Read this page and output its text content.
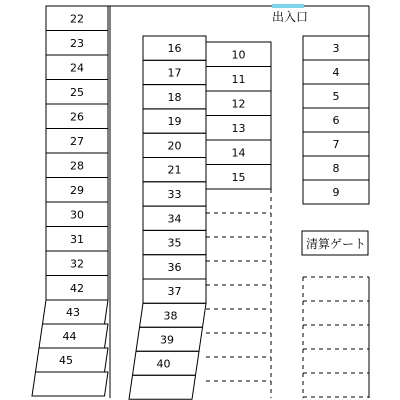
22
23
24
25
26
27
28
29
30
31
32
42
43
44
45
16
17
18
19
20
21
33
34
35
36
37
38
39
40
10
11
12
13
14
15
3
4
5
6
7
8
9
出入口
清算ゲート
